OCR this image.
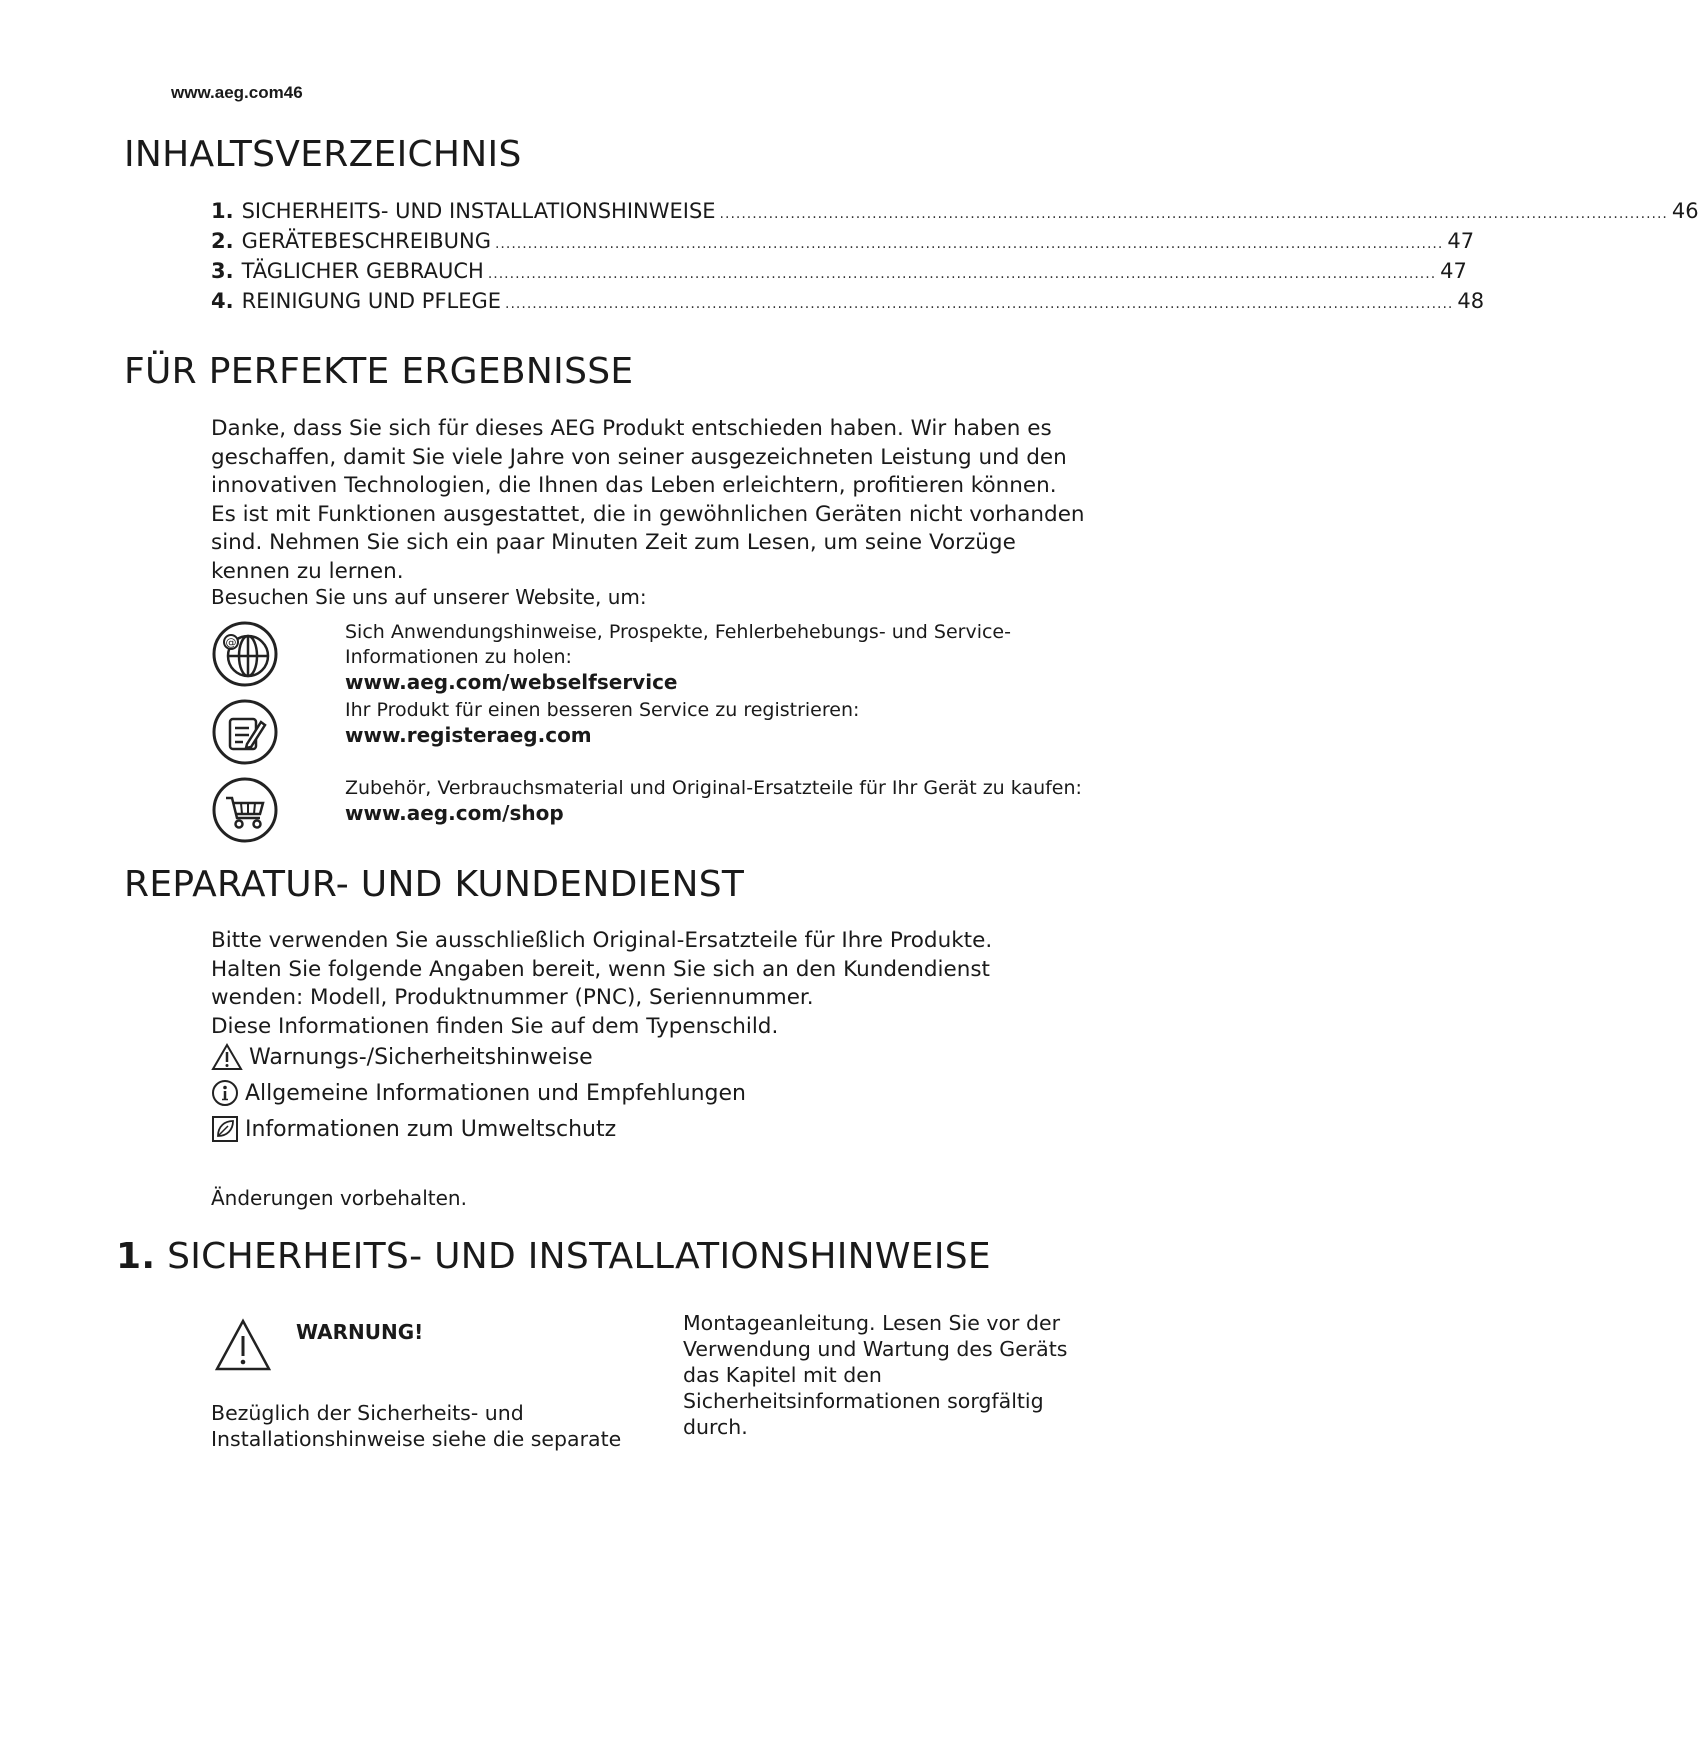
www.aeg.com46
INHALTSVERZEICHNIS
1. SICHERHEITS- UND INSTALLATIONSHINWEISE .............................................................................................................................................................................. 46
2. GERÄTEBESCHREIBUNG .............................................................................................................................................................................. 47
3. TÄGLICHER GEBRAUCH .............................................................................................................................................................................. 47
4. REINIGUNG UND PFLEGE .............................................................................................................................................................................. 48
FÜR PERFEKTE ERGEBNISSE
Danke, dass Sie sich für dieses AEG Produkt entschieden haben. Wir haben es
geschaffen, damit Sie viele Jahre von seiner ausgezeichneten Leistung und den
innovativen Technologien, die Ihnen das Leben erleichtern, profitieren können.
Es ist mit Funktionen ausgestattet, die in gewöhnlichen Geräten nicht vorhanden
sind. Nehmen Sie sich ein paar Minuten Zeit zum Lesen, um seine Vorzüge
kennen zu lernen.
Besuchen Sie uns auf unserer Website, um:
@	Sich Anwendungshinweise, Prospekte, Fehlerbehebungs- und Service-
Informationen zu holen:
www.aeg.com/webselfservice
Ihr Produkt für einen besseren Service zu registrieren:
www.registeraeg.com
Zubehör, Verbrauchsmaterial und Original-Ersatzteile für Ihr Gerät zu kaufen:
www.aeg.com/shop
REPARATUR- UND KUNDENDIENST
Bitte verwenden Sie ausschließlich Original-Ersatzteile für Ihre Produkte.
Halten Sie folgende Angaben bereit, wenn Sie sich an den Kundendienst
wenden: Modell, Produktnummer (PNC), Seriennummer.
Diese Informationen finden Sie auf dem Typenschild.
Warnungs-/Sicherheitshinweise
Allgemeine Informationen und Empfehlungen
Informationen zum Umweltschutz
Änderungen vorbehalten.
1. SICHERHEITS- UND INSTALLATIONSHINWEISE
WARNUNG!
Bezüglich der Sicherheits- und
Installationshinweise siehe die separate
Montageanleitung. Lesen Sie vor der
Verwendung und Wartung des Geräts
das Kapitel mit den
Sicherheitsinformationen sorgfältig
durch.
